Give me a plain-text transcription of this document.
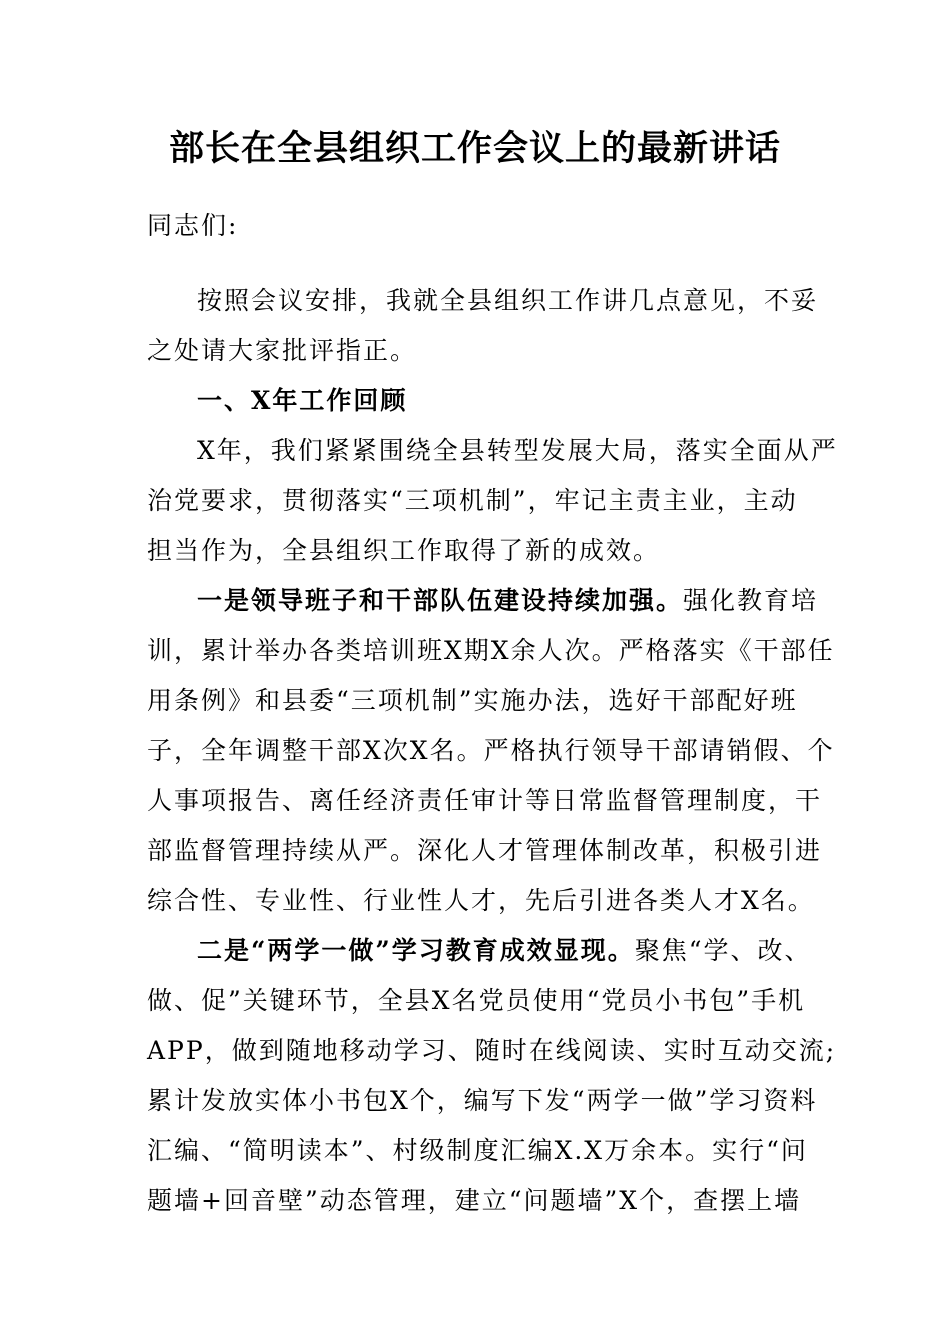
部长在全县组织工作会议上的最新讲话
同志们:
按照会议安排，我就全县组织工作讲几点意见，不妥
之处请大家批评指正。
一、X年工作回顾
X年，我们紧紧围绕全县转型发展大局，落实全面从严
治党要求，贯彻落实“三项机制”，牢记主责主业，主动
担当作为，全县组织工作取得了新的成效。
一是领导班子和干部队伍建设持续加强。强化教育培
训，累计举办各类培训班X期X余人次。严格落实《干部任
用条例》和县委“三项机制”实施办法，选好干部配好班
子，全年调整干部X次X名。严格执行领导干部请销假、个
人事项报告、离任经济责任审计等日常监督管理制度，干
部监督管理持续从严。深化人才管理体制改革，积极引进
综合性、专业性、行业性人才，先后引进各类人才X名。
二是“两学一做”学习教育成效显现。聚焦“学、改、
做、促”关键环节，全县X名党员使用“党员小书包”手机
APP，做到随地移动学习、随时在线阅读、实时互动交流;
累计发放实体小书包X个，编写下发“两学一做”学习资料
汇编、“简明读本”、村级制度汇编X.X万余本。实行“问
题墙+回音壁”动态管理，建立“问题墙”X个，查摆上墙
